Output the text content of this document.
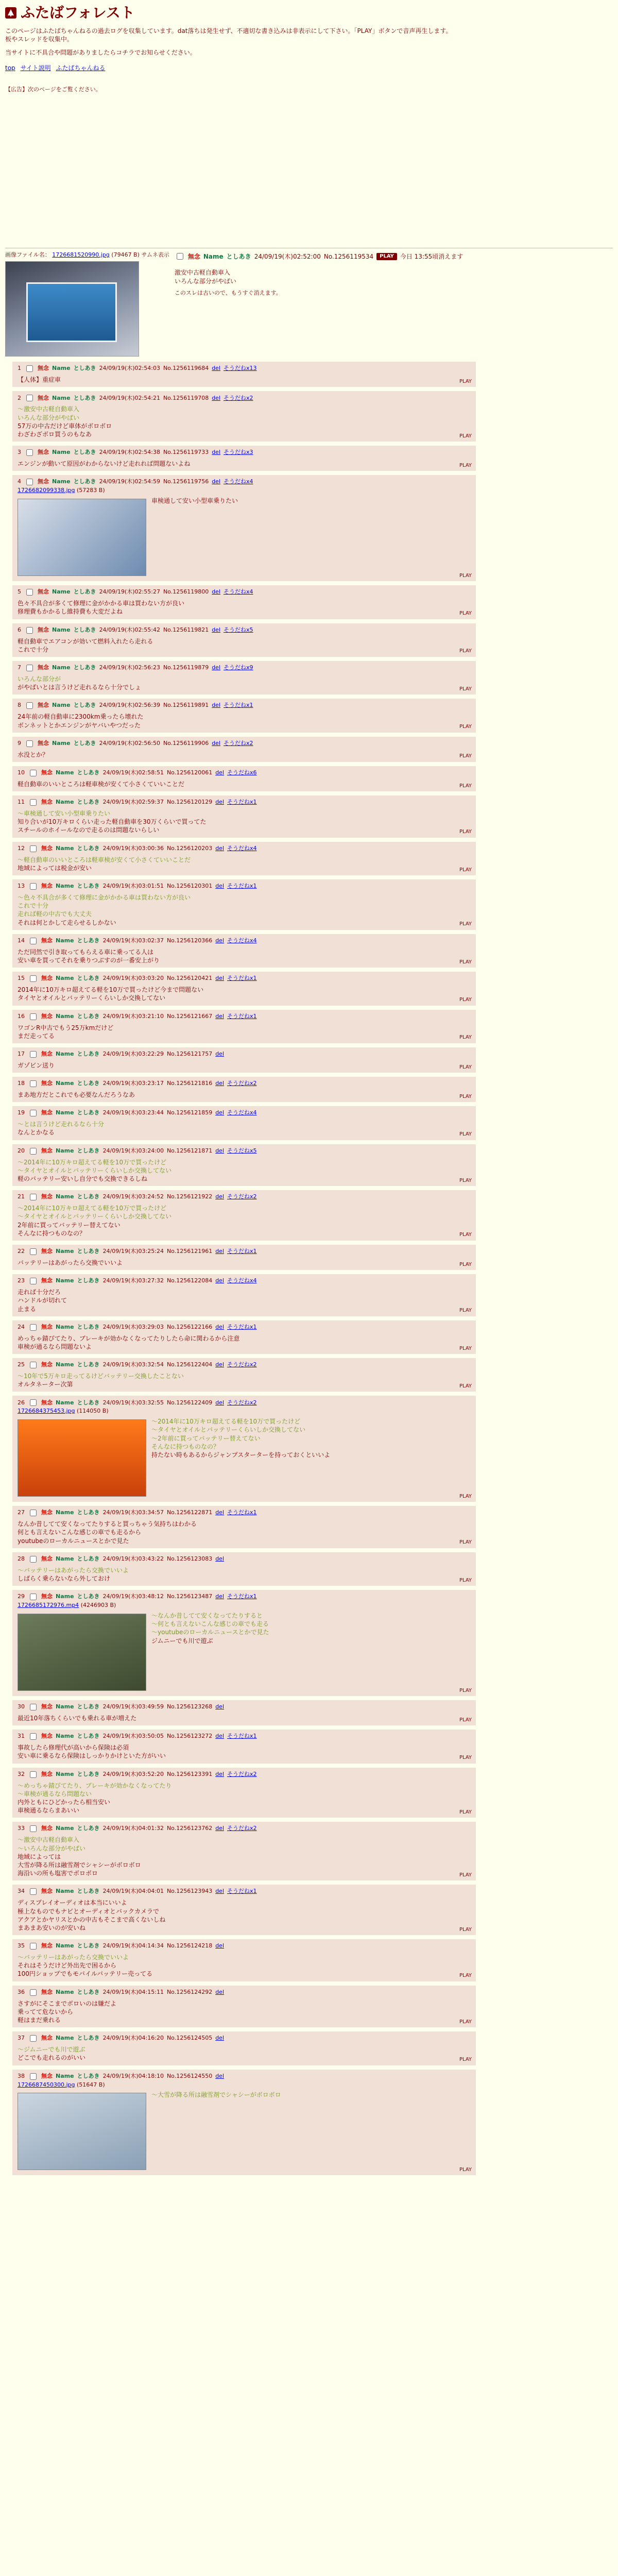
ふたばフォレスト

このページはふたばちゃんねるの過去ログを収集しています。dat落ちは発生せず、不適切な書き込みは非表示にして下さい。「PLAY」ボタンで音声再生します。

板やスレッドを収集中。

当サイトに不具合や問題がありましたらコチラでお知らせください。

top サイト説明 ふたばちゃんねる
【広告】次のページをご覧ください。
画像ファイル名： 1726681520990.jpg (79467 B) サムネ表示	無念 Name としあき 24/09/19(木)02:52:00 No.1256119534	PLAY	今日 13:55頃消えます

激安中古軽自動車入

いろんな部分がやばい

このスレは古いので、もうすぐ消えます。
1	無念 Name としあき 24/09/19(木)02:54:03 No.1256119684 del そうだねx13

【人体】重症車	PLAY
2	無念 Name としあき 24/09/19(木)02:54:21 No.1256119708 del そうだねx2

〜激安中古軽自動車入

いろんな部分がやばい

57万の中古だけど車体がボロボロ

わざわざボロ買うのもなあ	PLAY
3	無念 Name としあき 24/09/19(木)02:54:38 No.1256119733 del そうだねx3

エンジンが動いて原因がわからないけど走れれば問題ないよね	PLAY
4	無念 Name としあき 24/09/19(木)02:54:59 No.1256119756 del そうだねx4
1726682099338.jpg (57283 B)

車検通して安い小型車乗りたい

PLAY
5	無念 Name としあき 24/09/19(木)02:55:27 No.1256119800 del そうだねx4

色々不具合が多くて修理に金がかかる車は買わない方が良い

修理費もかかるし維持費も大変だよね	PLAY
6	無念 Name としあき 24/09/19(木)02:55:42 No.1256119821 del そうだねx5

軽自動車でエアコンが効いて燃料入れたら走れる

これで十分	PLAY
7	無念 Name としあき 24/09/19(木)02:56:23 No.1256119879 del そうだねx9

いろんな部分が

がやばいとは言うけど走れるなら十分でしょ	PLAY
8	無念 Name としあき 24/09/19(木)02:56:39 No.1256119891 del そうだねx1

24年前の軽自動車に2300km乗ったら壊れた

ボンネットとかエンジンがヤバいやつだった	PLAY
9	無念 Name としあき 24/09/19(木)02:56:50 No.1256119906 del そうだねx2

水没とか？	PLAY
10	無念 Name としあき 24/09/19(木)02:58:51 No.1256120061 del そうだねx6

軽自動車のいいところは軽車検が安くて小さくていいことだ	PLAY
11	無念 Name としあき 24/09/19(木)02:59:37 No.1256120129 del そうだねx1

〜車検通して安い小型車乗りたい

知り合いが10万キロくらい走った軽自動車を30万くらいで買ってた

スチールのホイールなので走るのは問題ないらしい	PLAY
12	無念 Name としあき 24/09/19(木)03:00:36 No.1256120203 del そうだねx4

〜軽自動車のいいところは軽車検が安くて小さくていいことだ

地域によっては税金が安い	PLAY
13	無念 Name としあき 24/09/19(木)03:01:51 No.1256120301 del そうだねx1

〜色々不具合が多くて修理に金がかかる車は買わない方が良い

これで十分

走れば軽の中古でも大丈夫

それは何とかして走らせるしかない	PLAY
14	無念 Name としあき 24/09/19(木)03:02:37 No.1256120366 del そうだねx4

ただ同然で引き取ってもらえる車に乗ってる人は

安い車を買ってそれを乗りつぶすのが一番安上がり	PLAY
15	無念 Name としあき 24/09/19(木)03:03:20 No.1256120421 del そうだねx1

2014年に10万キロ超えてる軽を10万で買ったけど今まで問題ない

タイヤとオイルとバッテリーくらいしか交換してない	PLAY
16	無念 Name としあき 24/09/19(木)03:21:10 No.1256121667 del そうだねx1

ワゴンR中古でもう25万kmだけど

まだ走ってる	PLAY
17	無念 Name としあき 24/09/19(木)03:22:29 No.1256121757 del

ガゾビン送り	PLAY
18	無念 Name としあき 24/09/19(木)03:23:17 No.1256121816 del そうだねx2

まあ地方だとこれでも必要なんだろうなあ	PLAY
19	無念 Name としあき 24/09/19(木)03:23:44 No.1256121859 del そうだねx4

〜とは言うけど走れるなら十分

なんとかなる	PLAY
20	無念 Name としあき 24/09/19(木)03:24:00 No.1256121871 del そうだねx5

〜2014年に10万キロ超えてる軽を10万で買ったけど

〜タイヤとオイルとバッテリーくらいしか交換してない

軽のバッテリー安いし自分でも交換できるしね	PLAY
21	無念 Name としあき 24/09/19(木)03:24:52 No.1256121922 del そうだねx2

〜2014年に10万キロ超えてる軽を10万で買ったけど

〜タイヤとオイルとバッテリーくらいしか交換してない

2年前に買ってバッテリー替えてない

そんなに持つものなの？	PLAY
22	無念 Name としあき 24/09/19(木)03:25:24 No.1256121961 del そうだねx1

バッテリーはあがったら交換でいいよ	PLAY
23	無念 Name としあき 24/09/19(木)03:27:32 No.1256122084 del そうだねx4

走れば十分だろ

ハンドルが切れて

止まる	PLAY
24	無念 Name としあき 24/09/19(木)03:29:03 No.1256122166 del そうだねx1

めっちゃ錆びてたり、ブレーキが効かなくなってたりしたら命に関わるから注意

車検が通るなら問題ないよ	PLAY
25	無念 Name としあき 24/09/19(木)03:32:54 No.1256122404 del そうだねx2

〜10年で5万キロ走ってるけどバッテリー交換したことない

オルタネーター次第	PLAY
26	無念 Name としあき 24/09/19(木)03:32:55 No.1256122409 del そうだねx2
1726684375453.jpg (114050 B)

〜2014年に10万キロ超えてる軽を10万で買ったけど

〜タイヤとオイルとバッテリーくらいしか交換してない

〜2年前に買ってバッテリー替えてない

そんなに持つものなの？

持たない時もあるからジャンプスターターを持っておくといいよ

PLAY
27	無念 Name としあき 24/09/19(木)03:34:57 No.1256122871 del そうだねx1

なんか昔してて安くなってたりすると買っちゃう気持ちはわかる

何とも言えないこんな感じの車でも走るから

youtubeのローカルニュースとかで見た	PLAY
28	無念 Name としあき 24/09/19(木)03:43:22 No.1256123083 del

〜バッテリーはあがったら交換でいいよ

しばらく乗らないなら外しておけ	PLAY
29	無念 Name としあき 24/09/19(木)03:48:12 No.1256123487 del そうだねx1
1726685172976.mp4 (4246903 B)

〜なんか昔してて安くなってたりすると

〜何とも言えないこんな感じの車でも走る

〜youtubeのローカルニュースとかで見た

ジムニーでも川で遊ぶ

PLAY
30	無念 Name としあき 24/09/19(木)03:49:59 No.1256123268 del

最近10年落ちくらいでも乗れる車が増えた	PLAY
31	無念 Name としあき 24/09/19(木)03:50:05 No.1256123272 del そうだねx1

事故したら修理代が高いから保険は必須

安い車に乗るなら保険はしっかりかけといた方がいい	PLAY
32	無念 Name としあき 24/09/19(木)03:52:20 No.1256123391 del そうだねx2

〜めっちゃ錆びてたり、ブレーキが効かなくなってたり

〜車検が通るなら問題ない

内外ともにひどかったら相当安い

車検通るならまあいい	PLAY
33	無念 Name としあき 24/09/19(木)04:01:32 No.1256123762 del そうだねx2

〜激安中古軽自動車入

〜いろんな部分がやばい

地域によっては

大雪が降る所は融雪剤でシャシーがボロボロ

海沿いの所も塩害でボロボロ	PLAY
34	無念 Name としあき 24/09/19(木)04:04:01 No.1256123943 del そうだねx1

ディスプレイオーディオは本当にいいよ

極上なものでもナビとオーディオとバックカメラで

アクアとかヤリスとかの中古もそこまで高くないしね

まあまあ安いのが安いね	PLAY
35	無念 Name としあき 24/09/19(木)04:14:34 No.1256124218 del

〜バッテリーはあがったら交換でいいよ

それはそうだけど外出先で困るから

100円ショップでもモバイルバッテリー売ってる	PLAY
36	無念 Name としあき 24/09/19(木)04:15:11 No.1256124292 del

さすがにそこまでボロいのは嫌だよ

乗ってて危ないから

軽はまだ乗れる	PLAY
37	無念 Name としあき 24/09/19(木)04:16:20 No.1256124505 del

〜ジムニーでも川で遊ぶ

どこでも走れるのがいい	PLAY
38	無念 Name としあき 24/09/19(木)04:18:10 No.1256124550 del
1726687450300.jpg (51647 B)

〜大雪が降る所は融雪剤でシャシーがボロボロ

PLAY
